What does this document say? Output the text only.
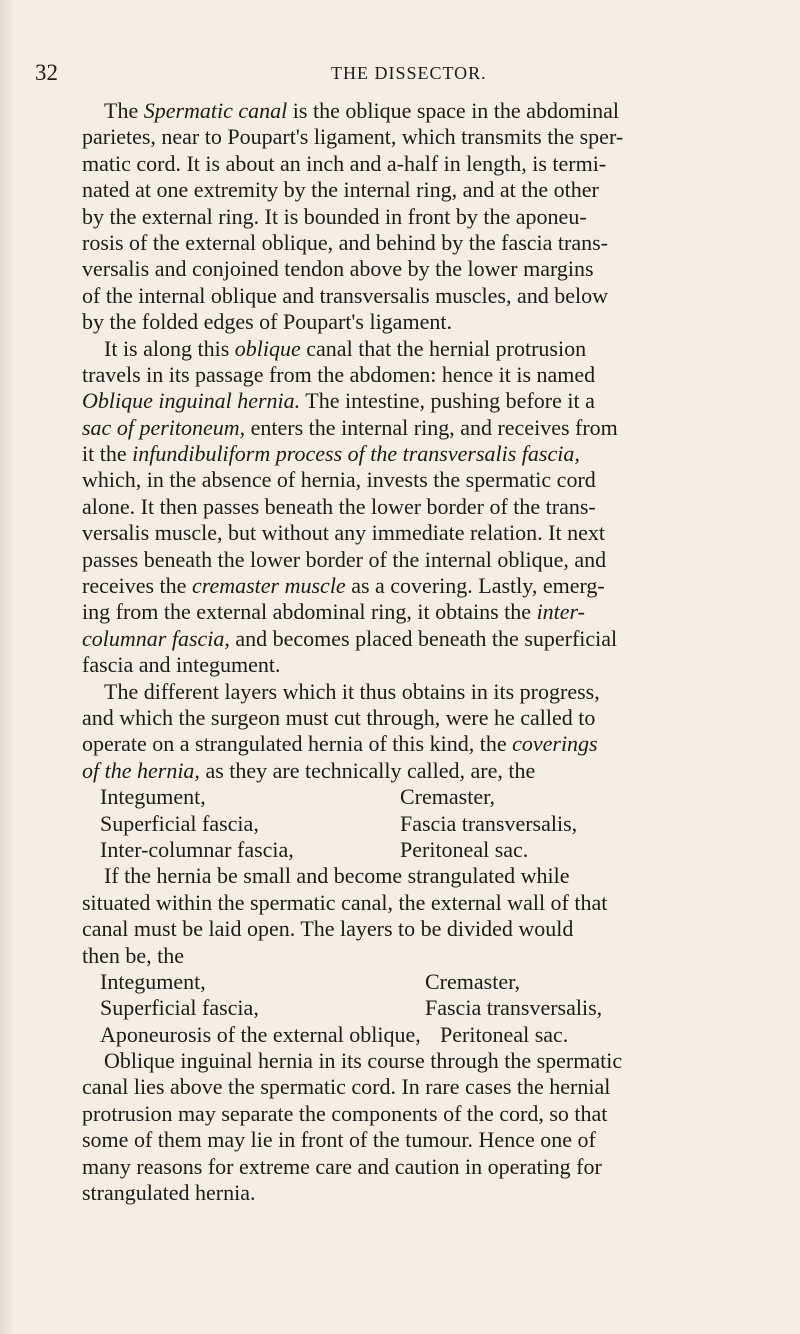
32	THE DISSECTOR.
The Spermatic canal is the oblique space in the abdominal
parietes, near to Poupart's ligament, which transmits the sper-
matic cord. It is about an inch and a-half in length, is termi-
nated at one extremity by the internal ring, and at the other
by the external ring. It is bounded in front by the aponeu-
rosis of the external oblique, and behind by the fascia trans-
versalis and conjoined tendon above by the lower margins
of the internal oblique and transversalis muscles, and below
by the folded edges of Poupart's ligament.
It is along this oblique canal that the hernial protrusion
travels in its passage from the abdomen: hence it is named
Oblique inguinal hernia. The intestine, pushing before it a
sac of peritoneum, enters the internal ring, and receives from
it the infundibuliform process of the transversalis fascia,
which, in the absence of hernia, invests the spermatic cord
alone. It then passes beneath the lower border of the trans-
versalis muscle, but without any immediate relation. It next
passes beneath the lower border of the internal oblique, and
receives the cremaster muscle as a covering. Lastly, emerg-
ing from the external abdominal ring, it obtains the inter-
columnar fascia, and becomes placed beneath the superficial
fascia and integument.
The different layers which it thus obtains in its progress,
and which the surgeon must cut through, were he called to
operate on a strangulated hernia of this kind, the coverings
of the hernia, as they are technically called, are, the
Integument,	Cremaster,
Superficial fascia,	Fascia transversalis,
Inter-columnar fascia,	Peritoneal sac.
If the hernia be small and become strangulated while
situated within the spermatic canal, the external wall of that
canal must be laid open. The layers to be divided would
then be, the
Integument,	Cremaster,
Superficial fascia,	Fascia transversalis,
Aponeurosis of the external oblique, Peritoneal sac.
Oblique inguinal hernia in its course through the spermatic
canal lies above the spermatic cord. In rare cases the hernial
protrusion may separate the components of the cord, so that
some of them may lie in front of the tumour. Hence one of
many reasons for extreme care and caution in operating for
strangulated hernia.
